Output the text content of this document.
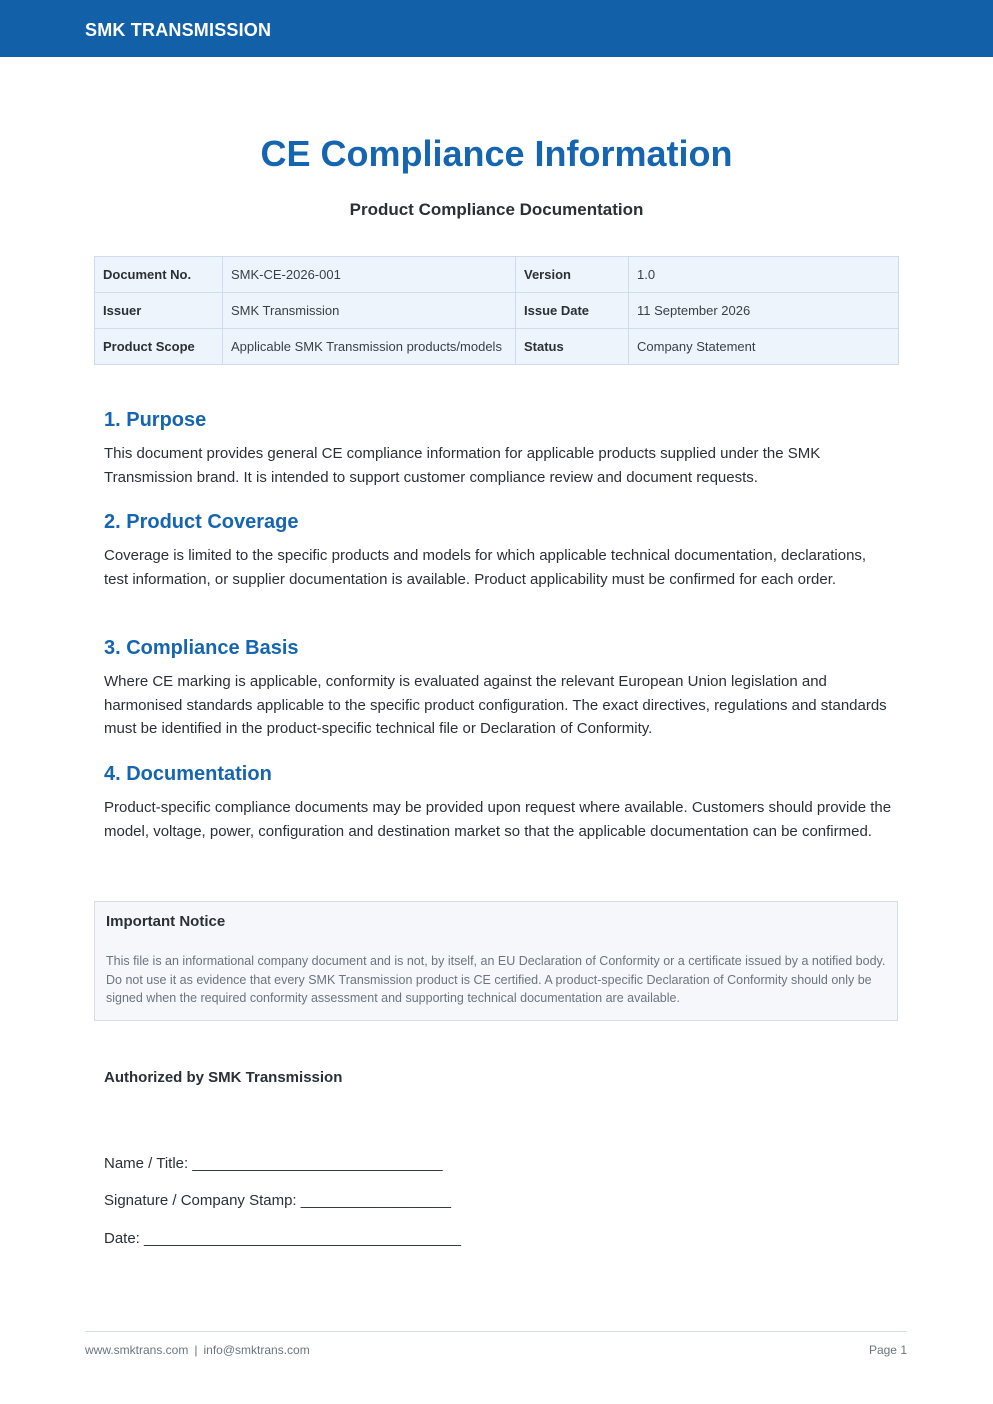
SMK TRANSMISSION
CE Compliance Information
Product Compliance Documentation
Document No.	SMK-CE-2026-001	Version	1.0
Issuer	SMK Transmission	Issue Date	11 September 2026
Product Scope	Applicable SMK Transmission products/models	Status	Company Statement
1. Purpose

This document provides general CE compliance information for applicable products supplied under the SMK Transmission brand. It is intended to support customer compliance review and document requests.

2. Product Coverage

Coverage is limited to the specific products and models for which applicable technical documentation, declarations, test information, or supplier documentation is available. Product applicability must be confirmed for each order.

3. Compliance Basis

Where CE marking is applicable, conformity is evaluated against the relevant European Union legislation and harmonised standards applicable to the specific product configuration. The exact directives, regulations and standards must be identified in the product-specific technical file or Declaration of Conformity.

4. Documentation

Product-specific compliance documents may be provided upon request where available. Customers should provide the model, voltage, power, configuration and destination market so that the applicable documentation can be confirmed.

Important Notice
This file is an informational company document and is not, by itself, an EU Declaration of Conformity or a certificate issued by a notified body. Do not use it as evidence that every SMK Transmission product is CE certified. A product-specific Declaration of Conformity should only be signed when the required conformity assessment and supporting technical documentation are available.
Authorized by SMK Transmission
Name / Title: ______________________________
Signature / Company Stamp: __________________
Date: ______________________________________
www.smktrans.com | info@smktrans.com	Page 1
